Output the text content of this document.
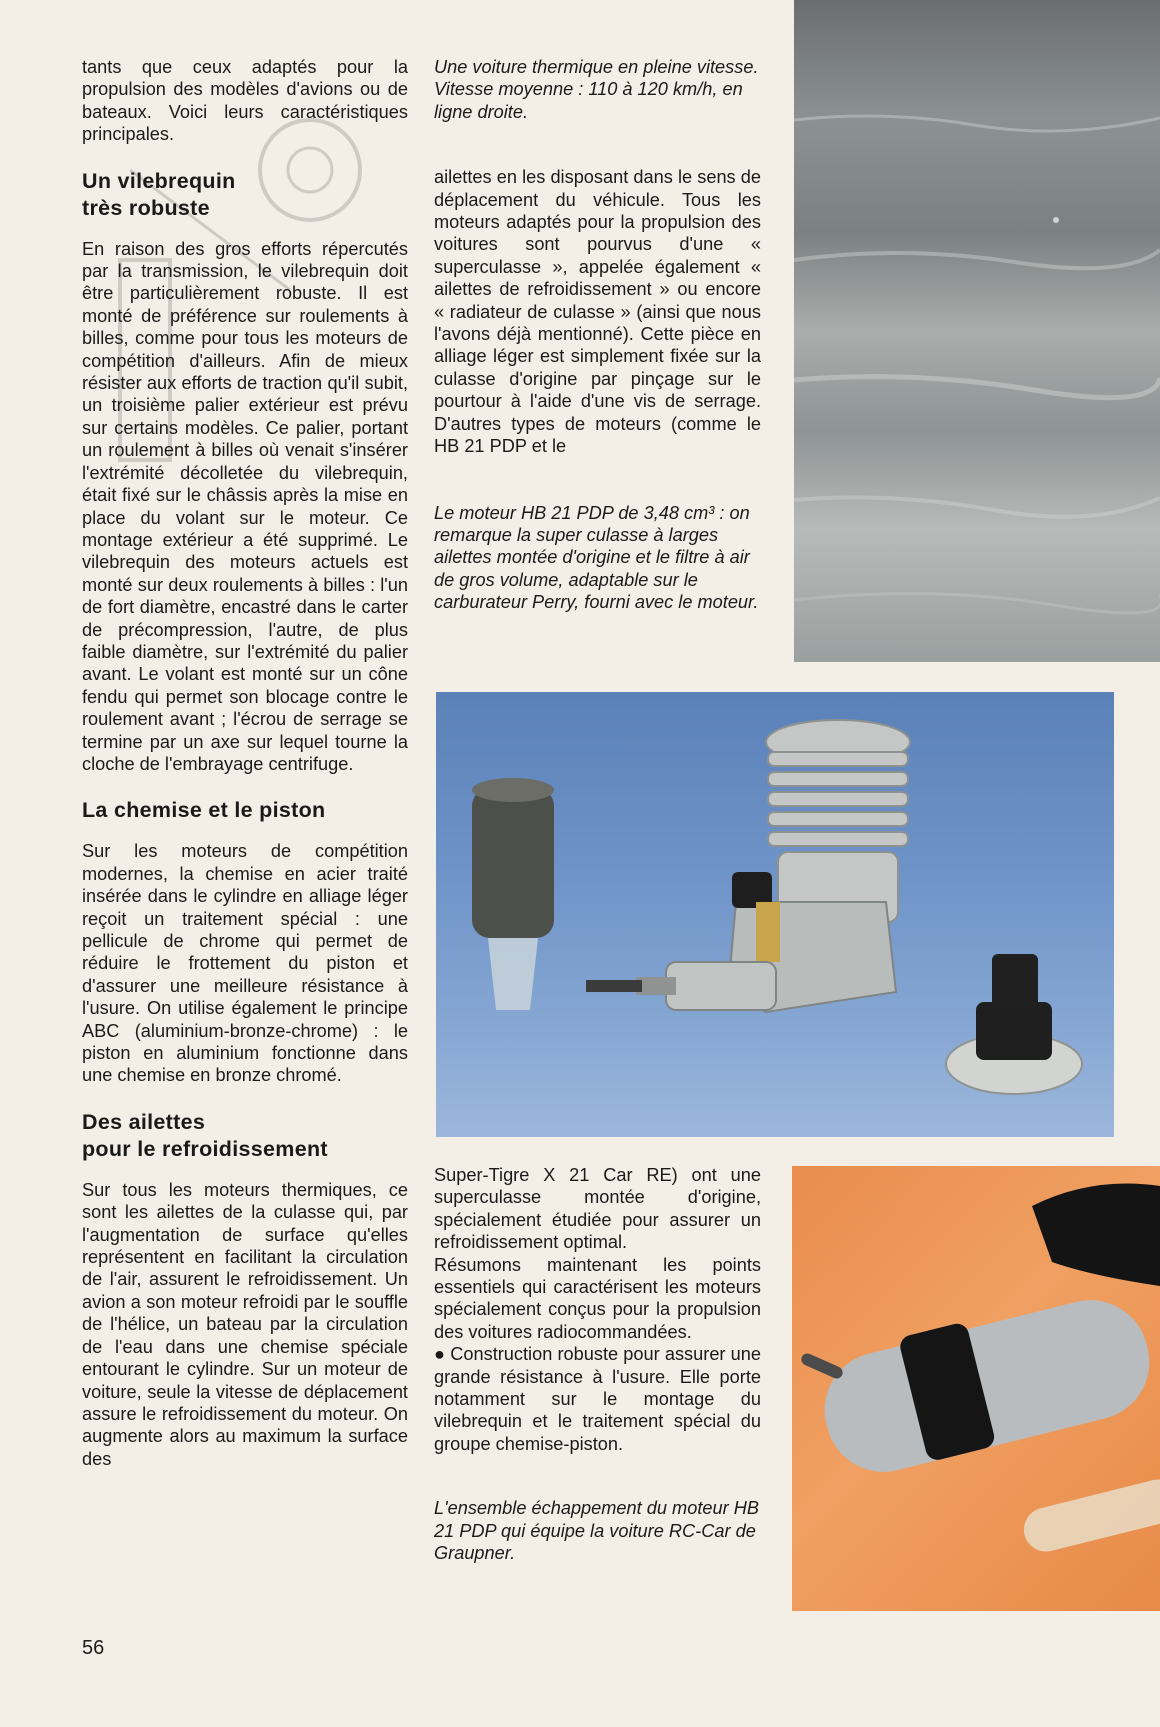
tants que ceux adaptés pour la propulsion des modèles d'avions ou de bateaux. Voici leurs caractéristiques principales.

Un vilebrequin
très robuste

En raison des gros efforts répercutés par la transmission, le vilebrequin doit être particulièrement robuste. Il est monté de préférence sur roulements à billes, comme pour tous les moteurs de compétition d'ailleurs. Afin de mieux résister aux efforts de traction qu'il subit, un troisième palier extérieur est prévu sur certains modèles. Ce palier, portant un roulement à billes où venait s'insérer l'extrémité décolletée du vilebrequin, était fixé sur le châssis après la mise en place du volant sur le moteur. Ce montage extérieur a été supprimé. Le vilebrequin des moteurs actuels est monté sur deux roulements à billes : l'un de fort diamètre, encastré dans le carter de précompression, l'autre, de plus faible diamètre, sur l'extrémité du palier avant. Le volant est monté sur un cône fendu qui permet son blocage contre le roulement avant ; l'écrou de serrage se termine par un axe sur lequel tourne la cloche de l'embrayage centrifuge.

La chemise et le piston

Sur les moteurs de compétition modernes, la chemise en acier traité insérée dans le cylindre en alliage léger reçoit un traitement spécial : une pellicule de chrome qui permet de réduire le frottement du piston et d'assurer une meilleure résistance à l'usure. On utilise également le principe ABC (aluminium-bronze-chrome) : le piston en aluminium fonctionne dans une chemise en bronze chromé.

Des ailettes
pour le refroidissement

Sur tous les moteurs thermiques, ce sont les ailettes de la culasse qui, par l'augmentation de surface qu'elles représentent en facilitant la circulation de l'air, assurent le refroidissement. Un avion a son moteur refroidi par le souffle de l'hélice, un bateau par la circulation de l'eau dans une chemise spéciale entourant le cylindre. Sur un moteur de voiture, seule la vitesse de déplacement assure le refroidissement du moteur. On augmente alors au maximum la surface des

Une voiture thermique en pleine vitesse. Vitesse moyenne : 110 à 120 km/h, en ligne droite.

ailettes en les disposant dans le sens de déplacement du véhicule. Tous les moteurs adaptés pour la propulsion des voitures sont pourvus d'une « superculasse », appelée également « ailettes de refroidissement » ou encore « radiateur de culasse » (ainsi que nous l'avons déjà mentionné). Cette pièce en alliage léger est simplement fixée sur la culasse d'origine par pinçage sur le pourtour à l'aide d'une vis de serrage. D'autres types de moteurs (comme le HB 21 PDP et le

Le moteur HB 21 PDP de 3,48 cm³ : on remarque la super culasse à larges ailettes montée d'origine et le filtre à air de gros volume, adaptable sur le carburateur Perry, fourni avec le moteur.

Super-Tigre X 21 Car RE) ont une superculasse montée d'origine, spécialement étudiée pour assurer un refroidissement optimal.

Résumons maintenant les points essentiels qui caractérisent les moteurs spécialement conçus pour la propulsion des voitures radiocommandées.

● Construction robuste pour assurer une grande résistance à l'usure. Elle porte notamment sur le montage du vilebrequin et le traitement spécial du groupe chemise-piston.

L'ensemble échappement du moteur HB 21 PDP qui équipe la voiture RC-Car de Graupner.

56
